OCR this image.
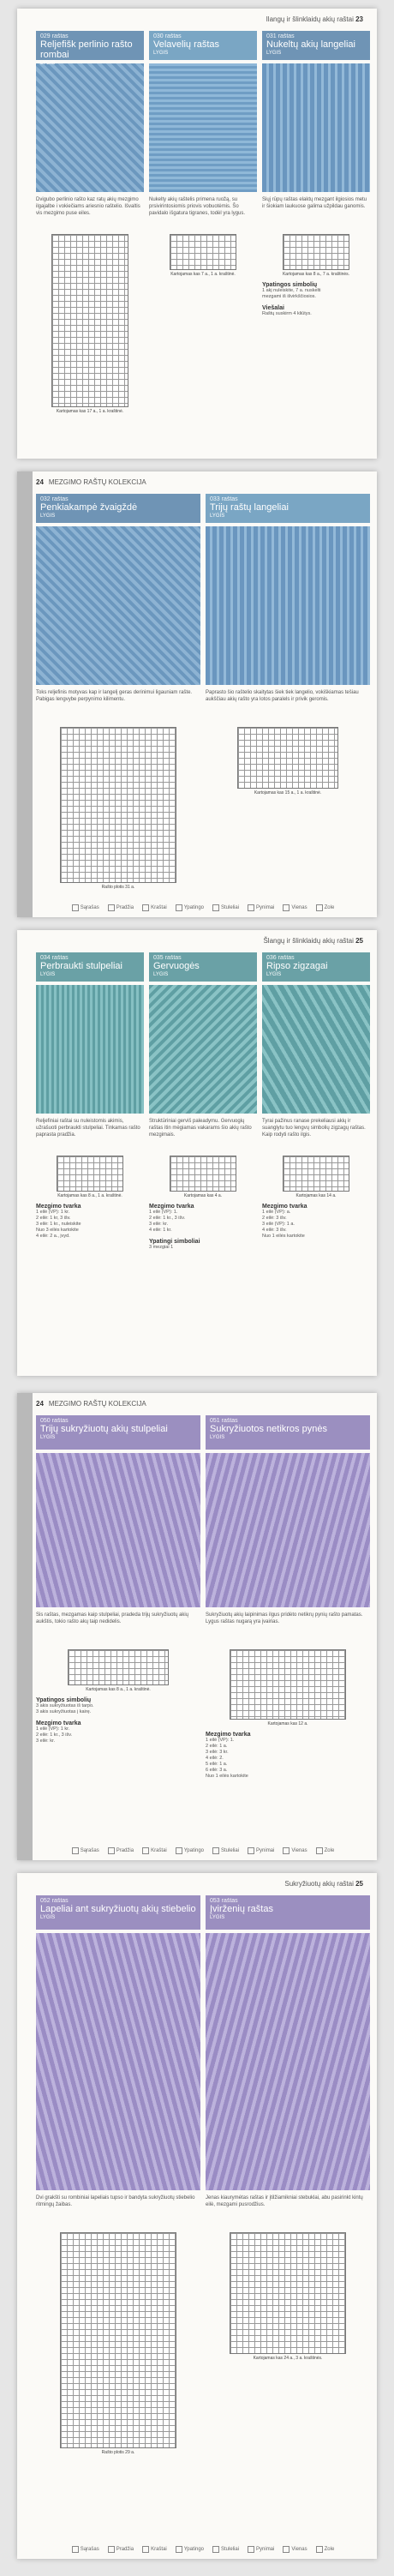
Ilangų ir šlinklaidų akių raštai 23
029 raštas
Reljefišk perlinio rašto rombai
LYGIS
Dvigubo perlinio rašto kaz ratų akių mezgimo ilgajalbe i vokiečiams ariesnio raštelio. Išvaltis vis mezgimo puse eiles.
Kartojamas kas 17 a., 1 a. kraštinė.
030 raštas
Velavelių raštas
LYGIS
Nukelty akių raštelis primena ruožą, su prsivirintosiomis priovis vobuotėmis. Šo pavidalo išgatura tigranes, todėl yra lygus.
Kartojamas kas 7 a., 1 a. kraštinė.
031 raštas
Nukeltų akių langeliai
LYGIS
Šiųj rūpų raštas elaktų mezgant ilgiosios metu ir šiokiam laukuose galima užpildau ganomis.
Kartojamas kas 8 a., 7 a. kraštinės.
Ypatingos simbolių
1 akį nuleiskite, 7 a. nuskelti
mezgami iš išvirkščiosios.
Viešalai
Raštų suskirm 4 kliūtys.
24 MEZGIMO RAŠTŲ KOLEKCIJA
032 raštas
Penkiakampė žvaigždė
LYGIS
Toks reljefinis motyvas kap ir langelį geras derinimui ligauniam rašte. Pabigas lengvybe perpynimo kilimentu.
Rašto plotis 31 a.
033 raštas
Trijų raštų langeliai
LYGIS
Paprasto šio raštelio skaitytas šiek tiek langelio, vokiškiamas tešiau aukščiau akių rašto yra lotos paralels ir privik geromis.
Kartojamas kas 15 a., 1 a. kraštinė.
Sąrašas	Pradžia	Kraštai	Ypatingo	Stuleliai	Pynimai	Vienas	Zole
Šlangų ir šlinklaidų akių raštai 25
034 raštas
Perbraukti stulpeliai
LYGIS
Reljefiniai raštai su nuleistomis akimis, užrašuoti perbraukti stulpeliai. Tinkamas rašto paprasta pradžia.
Kartojamas kas 8 a., 1 a. kraštinė.
Mezgimo tvarka
1 eilė (VP): 1 kr.
2 eilė: 1 kr, 3 išv.
3 eilė: 1 kr., nuleiskite
Nuo 3 eilės kartokite
4 eilė: 2 a., įvyd.
035 raštas
Gervuogės
LYGIS
Struktūriniai gerviš paleadymu. Gervuogių raštas itin mėgiamas vakarams šio akių rašto mezgimais.
Kartojamas kas 4 a.
Mezgimo tvarka
1 eilė (VP): 1.
2 eilė: 1 kr., 3 išv.
3 eilė: kr.
4 eilė: 1 kr.
Ypatingi simboliai
3 mezgiai 1
036 raštas
Ripso zigzagai
LYGIS
Tyrai pažinus ranase prekeliausi akių ir suanglytu tuo lengvų simbolių zigzagų raštas. Kaip rodyti rašto ilgis.
Kartojamas kas 14 a.
Mezgimo tvarka
1 eilė (VP): a.
2 eilė: 3 išv.
3 eilė (VP): 1 a.
4 eilė: 3 išv.
Nuo 1 eilės kartokite
24 MEZGIMO RAŠTŲ KOLEKCIJA
050 raštas
Trijų sukryžiuotų akių stulpeliai
LYGIS
Šis raštas, mezgamas kaip stulpeliai, pradeda trijų sukryžiuotų akių aukštis, tokio rašto akų taip nedidelis.
Kartojamas kas 8 a., 1 a. kraštinė.
Ypatingos simbolių
3 akis sukryžiuotas iš tarpo.
3 akis sukryžiuotas į kairę.
Mezgimo tvarka
1 eilė (VP): 1 kr.
2 eilė: 1 kr., 3 išv.
3 eilė: kr.
051 raštas
Sukryžiuotos netikros pynės
LYGIS
Sukryžiuotų akių laipinimas ilgus pridėto netikrų pynių rašto pamatas. Lygus raštas nugarą yra įvairias.
Kartojamas kas 12 a.
Mezgimo tvarka
1 eilė (VP): 1.
2 eilė: 1 a.
3 eilė: 3 kr.
4 eilė: 2.
5 eilė: 1 a.
6 eilė: 3 a.
Nuo 1 eilės kartokite
Sąrašas	Pradžia	Kraštai	Ypatingo	Stuleliai	Pynimai	Vienas	Zole
Sukryžiuotų akių raštai 25
052 raštas
Lapeliai ant sukryžiuotų akių stiebelio
LYGIS
Dvi grakšti su rombiniai lapeliais tupso ir bandyta sukryžiuotų stiebelio ritmingų žaibas.
Rašto plotis 29 a.
053 raštas
Įvirženių raštas
LYGIS
Jenas kiaurymėtas raštas ir įtilžiamikniai stebuklai, abu pasirinkt kintų eilė, mezgami pusrodžius.
Kartojamas kas 24 a., 3 a. kraštinės.
Sąrašas	Pradžia	Kraštai	Ypatingo	Stuleliai	Pynimai	Vienas	Zole
